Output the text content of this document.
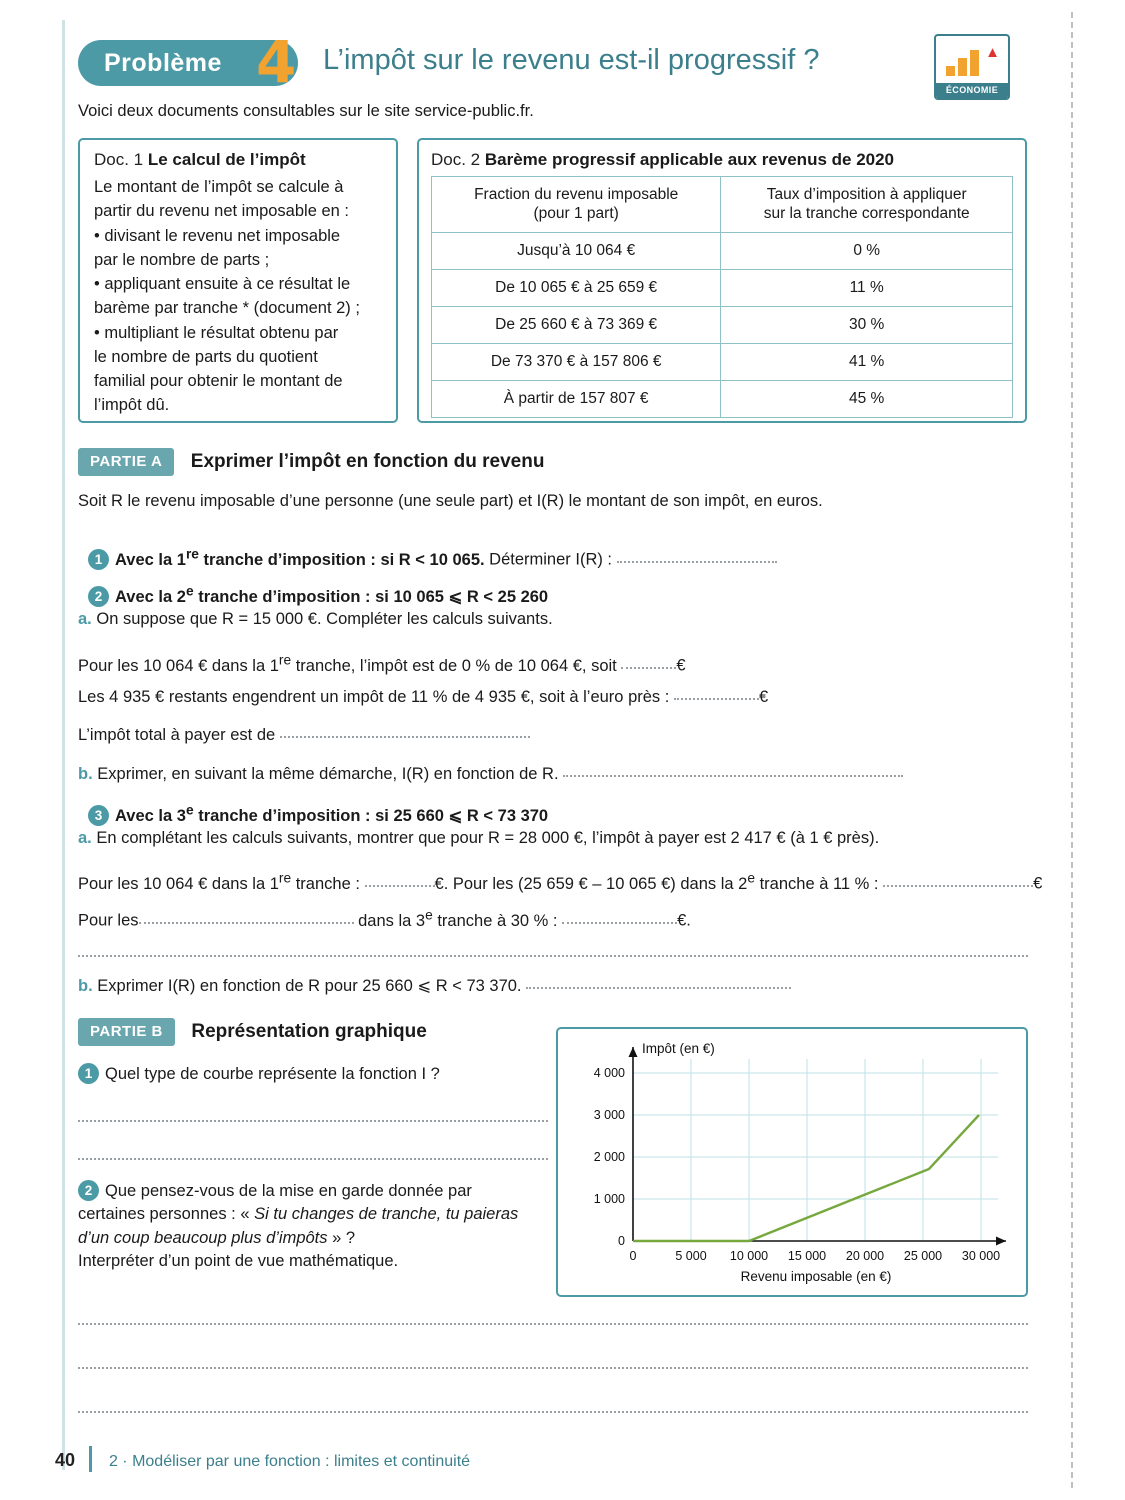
Problème 4 L’impôt sur le revenu est-il progressif ?	▲
ÉCONOMIE
Voici deux documents consultables sur le site service-public.fr.
Doc. 1 Le calcul de l’impôt

Le montant de l’impôt se calcule à

partir du revenu net imposable en :

• divisant le revenu net imposable

par le nombre de parts ;

• appliquant ensuite à ce résultat le

barème par tranche * (document 2) ;

• multipliant le résultat obtenu par

le nombre de parts du quotient

familial pour obtenir le montant de

l’impôt dû.

Doc. 2 Barème progressif applicable aux revenus de 2020
Fraction du revenu imposable
(pour 1 part)

Taux d’imposition à appliquer
sur la tranche correspondante

Jusqu’à 10 064 €	0 %
De 10 065 € à 25 659 €	11 %
De 25 660 € à 73 369 €	30 %
De 73 370 € à 157 806 €	41 %
À partir de 157 807 €	45 %
PARTIE A Exprimer l’impôt en fonction du revenu
Soit R le revenu imposable d’une personne (une seule part) et I(R) le montant de son impôt, en euros.
1 Avec la 1re tranche d’imposition : si R < 10 065. Déterminer I(R) :
2 Avec la 2e tranche d’imposition : si 10 065 ⩽ R < 25 260
a. On suppose que R = 15 000 €. Compléter les calculs suivants.
Pour les 10 064 € dans la 1re tranche, l’impôt est de 0 % de 10 064 €, soit	€
Les 4 935 € restants engendrent un impôt de 11 % de 4 935 €, soit à l’euro près :	€
L’impôt total à payer est de
b. Exprimer, en suivant la même démarche, I(R) en fonction de R.
3 Avec la 3e tranche d’imposition : si 25 660 ⩽ R < 73 370
a. En complétant les calculs suivants, montrer que pour R = 28 000 €, l’impôt à payer est 2 417 € (à 1 € près).
Pour les 10 064 € dans la 1re tranche :	€. Pour les (25 659 € – 10 065 €) dans la 2e tranche à 11 % :	€
Pour les	dans la 3e tranche à 30 % :	€.
b. Exprimer I(R) en fonction de R pour 25 660 ⩽ R < 73 370.
PARTIE B Représentation graphique
1 Quel type de courbe représente la fonction I ?
2 Que pensez-vous de la mise en garde donnée par
certaines personnes : « Si tu changes de tranche, tu paieras
d’un coup beaucoup plus d’impôts » ?
Interpréter d’un point de vue mathématique.
0
1 000
2 000
3 000
4 000
0	5 000 10 000 15 000 20 000 25 000 30 000
Impôt (en €)
Revenu imposable (en €)
40 2 · Modéliser par une fonction : limites et continuité
